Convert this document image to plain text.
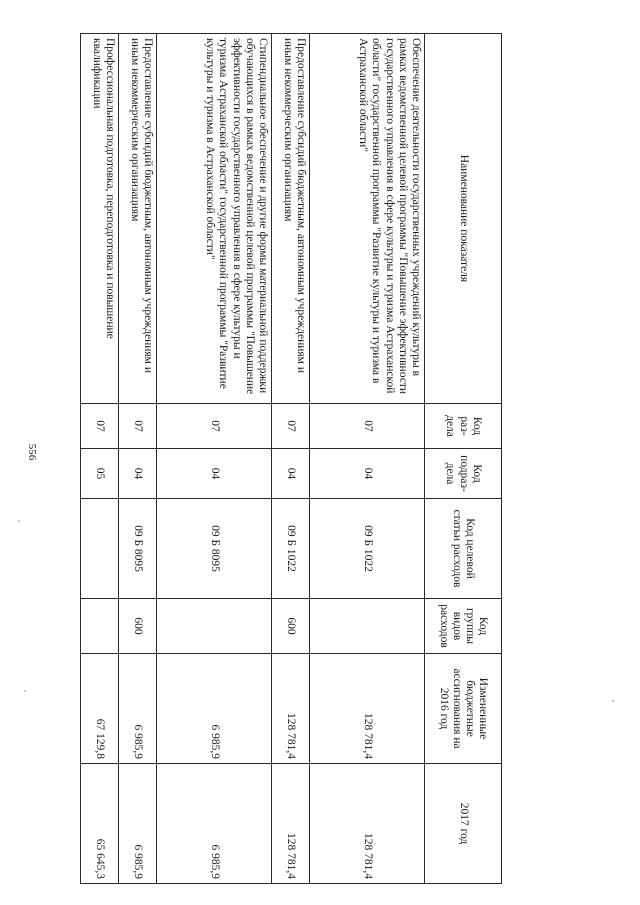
556
Наименование показателя	Код раз-дела	Код подраз-дела	Код целевой статьи расходов	Код группы видов расходов	Измененные бюджетные ассигнования на 2016 год	2017 год
Обеспечение деятельности государственных учреждений культуры в рамках ведомственной целевой программы "Повышение эффективности государственного управления в сфере культуры и туризма Астраханской области" государственной программы "Развитие культуры и туризма в Астраханской области"	07	04	09 Б 1022		128 781,4	128 781,4
Предоставление субсидий бюджетным, автономным учреждениям и иным некоммерческим организациям	07	04	09 Б 1022	600	128 781,4	128 781,4
Стипендиальное обеспечение и другие формы материальной поддержки обучающихся в рамках ведомственной целевой программы "Повышение эффективности государственного управления в сфере культуры и туризма Астраханской области" государственной программы "Развитие культуры и туризма в Астраханской области"	07	04	09 Б 8095		6 985,9	6 985,9
Предоставление субсидий бюджетным, автономным учреждениям и иным некоммерческим организациям	07	04	09 Б 8095	600	6 985,9	6 985,9
Профессиональная подготовка, переподготовка и повышение квалификации	07	05			67 129,8	65 645,3
